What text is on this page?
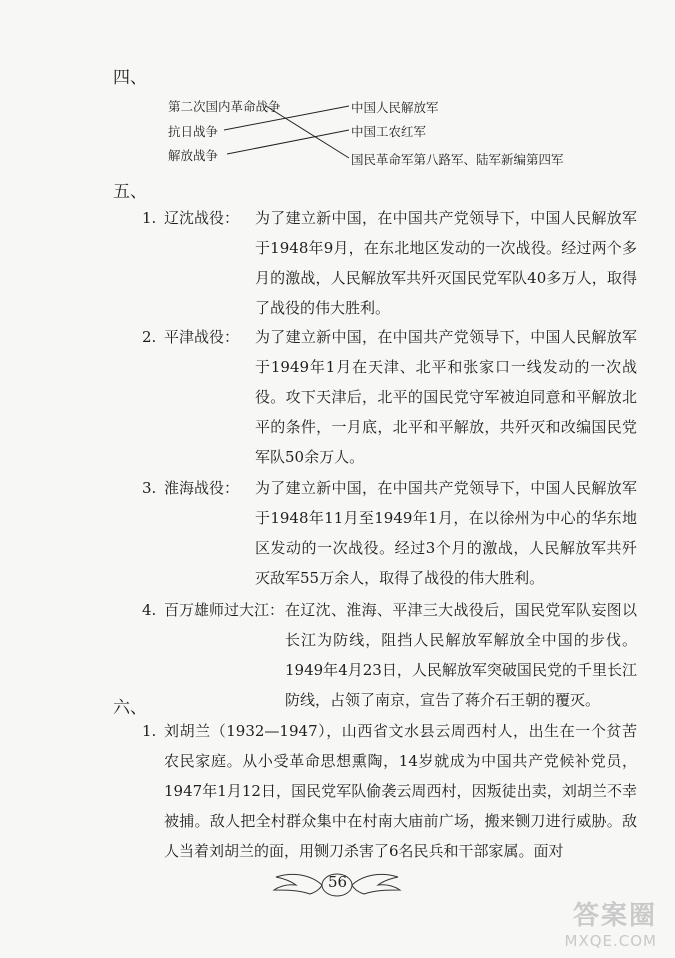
四、
第二次国内革命战争
抗日战争
解放战争
中国人民解放军
中国工农红军
国民革命军第八路军、陆军新编第四军
五、
1. 辽沈战役： 为了建立新中国，在中国共产党领导下，中国人民解放军于1948年9月，在东北地区发动的一次战役。经过两个多月的激战，人民解放军共歼灭国民党军队40多万人，取得了战役的伟大胜利。
2. 平津战役： 为了建立新中国，在中国共产党领导下，中国人民解放军于1949年1月在天津、北平和张家口一线发动的一次战役。攻下天津后，北平的国民党守军被迫同意和平解放北平的条件，一月底，北平和平解放，共歼灭和改编国民党军队50余万人。
3. 淮海战役： 为了建立新中国，在中国共产党领导下，中国人民解放军于1948年11月至1949年1月，在以徐州为中心的华东地区发动的一次战役。经过3个月的激战，人民解放军共歼灭敌军55万余人，取得了战役的伟大胜利。
4. 百万雄师过大江： 在辽沈、淮海、平津三大战役后，国民党军队妄图以长江为防线，阻挡人民解放军解放全中国的步伐。1949年4月23日，人民解放军突破国民党的千里长江防线，占领了南京，宣告了蒋介石王朝的覆灭。
六、
1. 刘胡兰（1932—1947），山西省文水县云周西村人，出生在一个贫苦农民家庭。从小受革命思想熏陶，14岁就成为中国共产党候补党员，1947年1月12日，国民党军队偷袭云周西村，因叛徒出卖，刘胡兰不幸被捕。敌人把全村群众集中在村南大庙前广场，搬来铡刀进行威胁。敌人当着刘胡兰的面，用铡刀杀害了6名民兵和干部家属。面对
56
答案圈
MXQE.COM
